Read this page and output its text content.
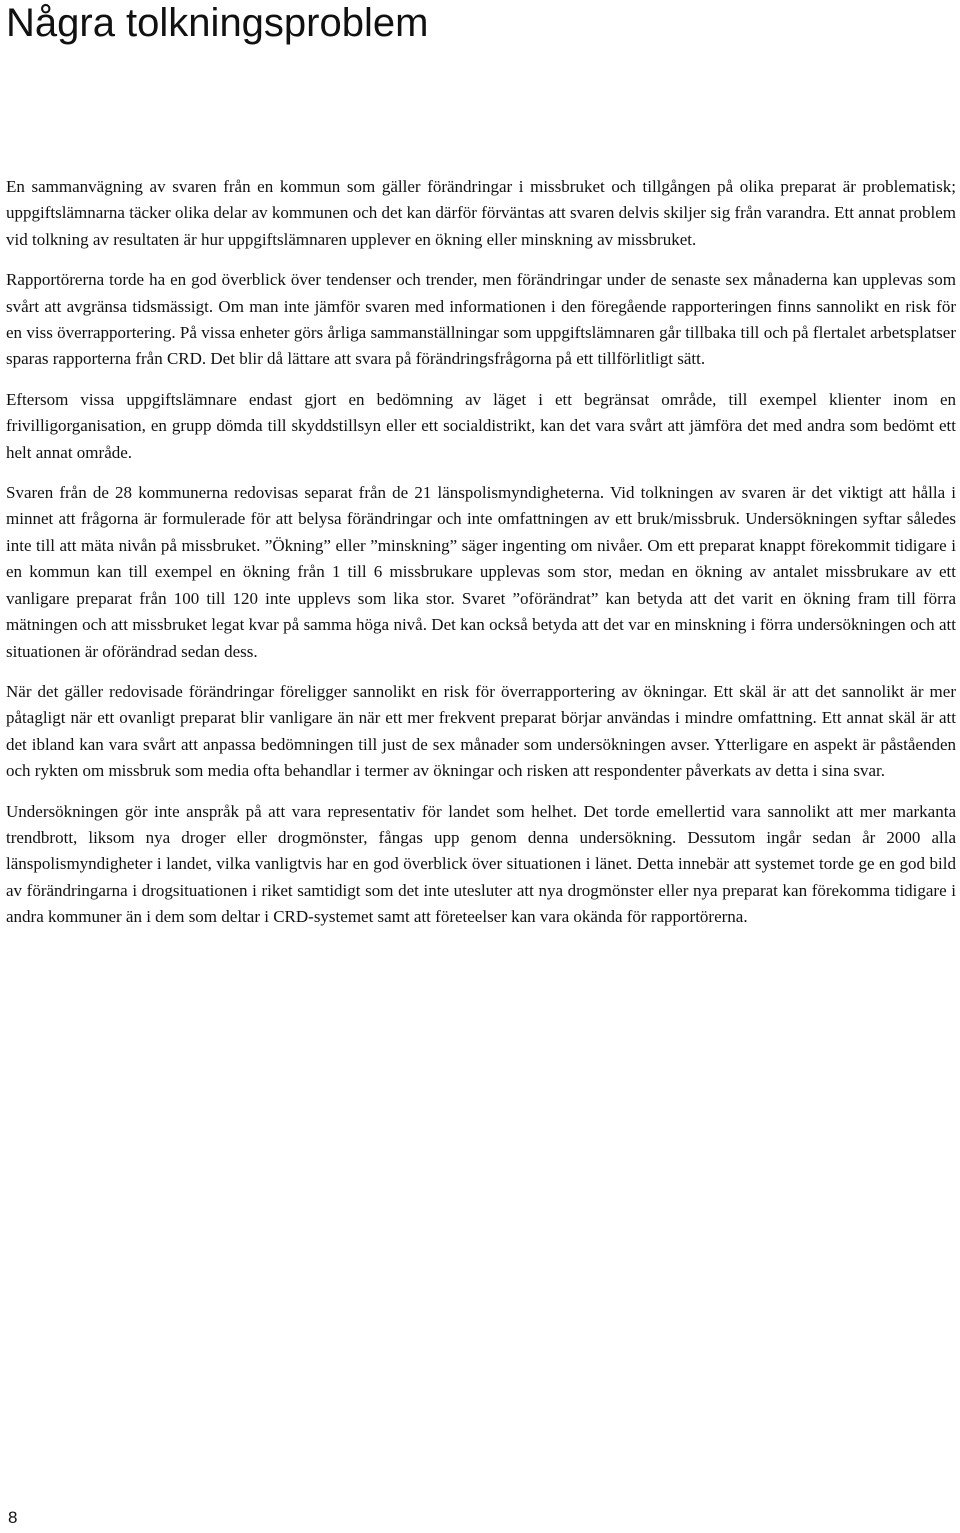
Några tolkningsproblem

En sammanvägning av svaren från en kommun som gäller förändringar i missbruket och tillgången på olika preparat är problematisk; uppgiftslämnarna täcker olika delar av kommunen och det kan därför förväntas att svaren delvis skiljer sig från varandra. Ett annat problem vid tolkning av resultaten är hur uppgiftslämnaren upplever en ökning eller minskning av missbruket.

Rapportörerna torde ha en god överblick över tendenser och trender, men förändringar under de senaste sex månaderna kan upplevas som svårt att avgränsa tidsmässigt. Om man inte jämför svaren med informationen i den föregående rapporteringen finns sannolikt en risk för en viss överrapportering. På vissa enheter görs årliga sammanställningar som uppgiftslämnaren går tillbaka till och på flertalet arbetsplatser sparas rapporterna från CRD. Det blir då lättare att svara på förändringsfrågorna på ett tillförlitligt sätt.

Eftersom vissa uppgiftslämnare endast gjort en bedömning av läget i ett begränsat område, till exempel klienter inom en frivilligorganisation, en grupp dömda till skyddstillsyn eller ett socialdistrikt, kan det vara svårt att jämföra det med andra som bedömt ett helt annat område.

Svaren från de 28 kommunerna redovisas separat från de 21 länspolismyndigheterna. Vid tolkningen av svaren är det viktigt att hålla i minnet att frågorna är formulerade för att belysa förändringar och inte omfattningen av ett bruk/missbruk. Undersökningen syftar således inte till att mäta nivån på missbruket. ”Ökning” eller ”minskning” säger ingenting om nivåer. Om ett preparat knappt förekommit tidigare i en kommun kan till exempel en ökning från 1 till 6 missbrukare upplevas som stor, medan en ökning av antalet missbrukare av ett vanligare preparat från 100 till 120 inte upplevs som lika stor. Svaret ”oförändrat” kan betyda att det varit en ökning fram till förra mätningen och att missbruket legat kvar på samma höga nivå. Det kan också betyda att det var en minskning i förra undersökningen och att situationen är oförändrad sedan dess.

När det gäller redovisade förändringar föreligger sannolikt en risk för överrapportering av ökningar. Ett skäl är att det sannolikt är mer påtagligt när ett ovanligt preparat blir vanligare än när ett mer frekvent preparat börjar användas i mindre omfattning. Ett annat skäl är att det ibland kan vara svårt att anpassa bedömningen till just de sex månader som undersökningen avser. Ytterligare en aspekt är påståenden och rykten om missbruk som media ofta behandlar i termer av ökningar och risken att respondenter påverkats av detta i sina svar.

Undersökningen gör inte anspråk på att vara representativ för landet som helhet. Det torde emellertid vara sannolikt att mer markanta trendbrott, liksom nya droger eller drogmönster, fångas upp genom denna undersökning. Dessutom ingår sedan år 2000 alla länspolismyndigheter i landet, vilka vanligtvis har en god överblick över situationen i länet. Detta innebär att systemet torde ge en god bild av förändringarna i drogsituationen i riket samtidigt som det inte utesluter att nya drogmönster eller nya preparat kan förekomma tidigare i andra kommuner än i dem som deltar i CRD-systemet samt att företeelser kan vara okända för rapportörerna.

8
